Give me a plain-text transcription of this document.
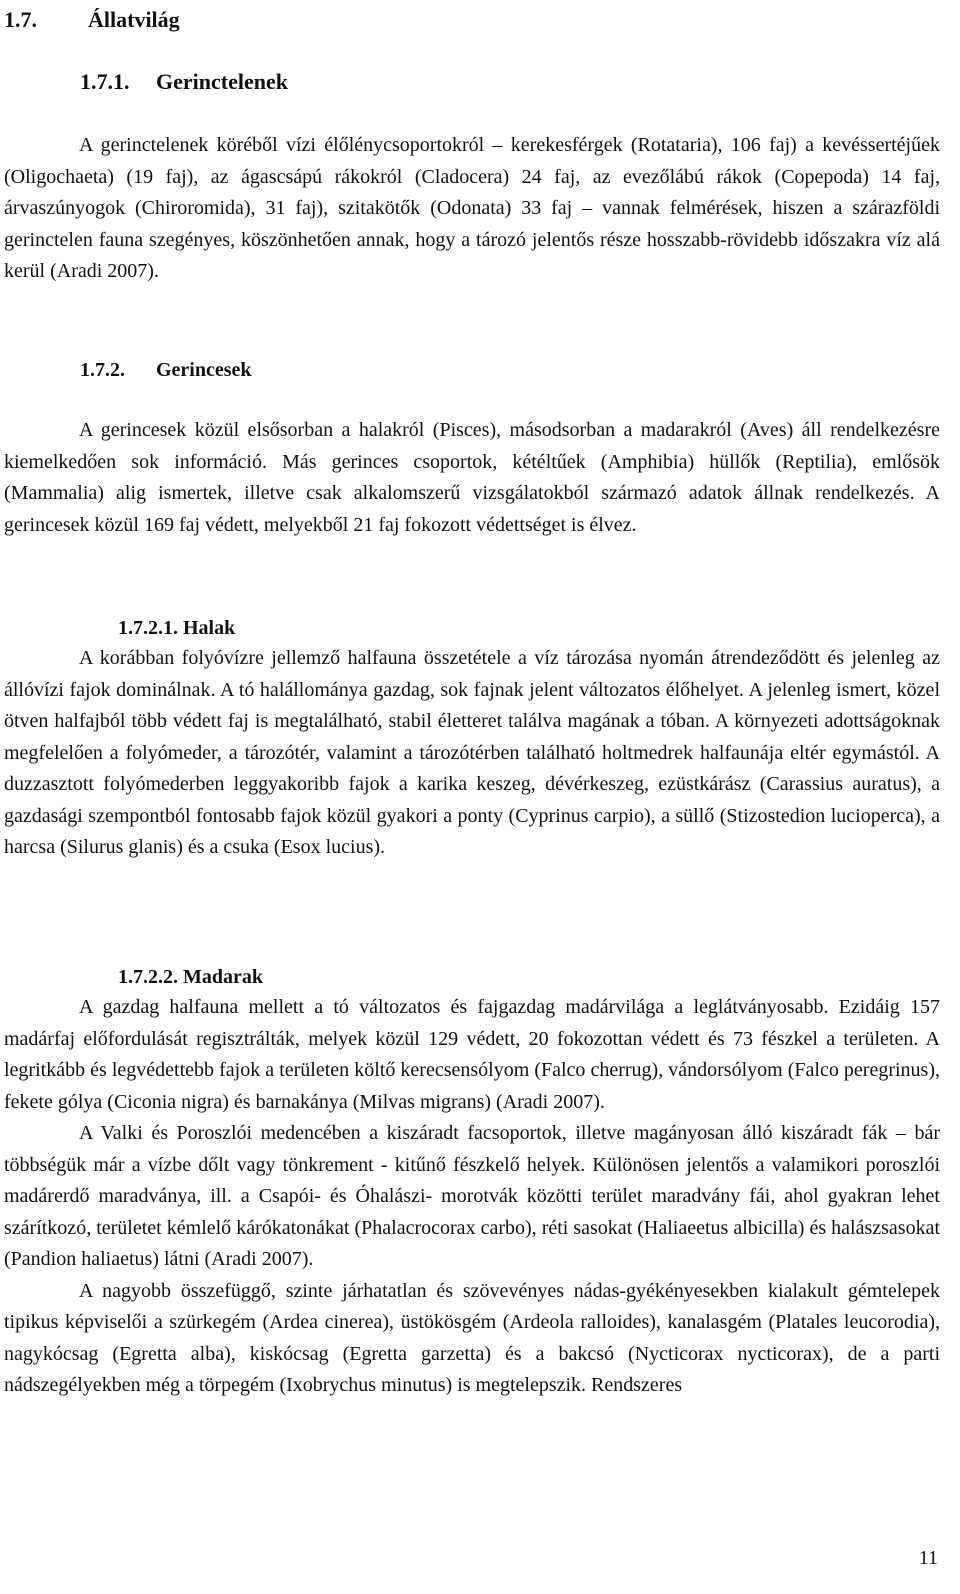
1.7. Állatvilág
1.7.1. Gerinctelenek

A gerinctelenek köréből vízi élőlénycsoportokról – kerekesférgek (Rotataria), 106 faj) a kevéssertéjűek (Oligochaeta) (19 faj), az ágascsápú rákokról (Cladocera) 24 faj, az evezőlábú rákok (Copepoda) 14 faj, árvaszúnyogok (Chiroromida), 31 faj), szitakötők (Odonata) 33 faj – vannak felmérések, hiszen a szárazföldi gerinctelen fauna szegényes, köszönhetően annak, hogy a tározó jelentős része hosszabb-rövidebb időszakra víz alá kerül (Aradi 2007).

1.7.2. Gerincesek

A gerincesek közül elsősorban a halakról (Pisces), másodsorban a madarakról (Aves) áll rendelkezésre kiemelkedően sok információ. Más gerinces csoportok, kétéltűek (Amphibia) hüllők (Reptilia), emlősök (Mammalia) alig ismertek, illetve csak alkalomszerű vizsgálatokból származó adatok állnak rendelkezés. A gerincesek közül 169 faj védett, melyekből 21 faj fokozott védettséget is élvez.

1.7.2.1. Halak

A korábban folyóvízre jellemző halfauna összetétele a víz tározása nyomán átrendeződött és jelenleg az állóvízi fajok dominálnak. A tó halállománya gazdag, sok fajnak jelent változatos élőhelyet. A jelenleg ismert, közel ötven halfajból több védett faj is megtalálható, stabil életteret találva magának a tóban. A környezeti adottságoknak megfelelően a folyómeder, a tározótér, valamint a tározótérben található holtmedrek halfaunája eltér egymástól. A duzzasztott folyómederben leggyakoribb fajok a karika keszeg, dévérkeszeg, ezüstkárász (Carassius auratus), a gazdasági szempontból fontosabb fajok közül gyakori a ponty (Cyprinus carpio), a süllő (Stizostedion lucioperca), a harcsa (Silurus glanis) és a csuka (Esox lucius).

1.7.2.2. Madarak

A gazdag halfauna mellett a tó változatos és fajgazdag madárvilága a leglátványosabb. Ezidáig 157 madárfaj előfordulását regisztrálták, melyek közül 129 védett, 20 fokozottan védett és 73 fészkel a területen. A legritkább és legvédettebb fajok a területen költő kerecsensólyom (Falco cherrug), vándorsólyom (Falco peregrinus), fekete gólya (Ciconia nigra) és barnakánya (Milvas migrans) (Aradi 2007).

A Valki és Poroszlói medencében a kiszáradt facsoportok, illetve magányosan álló kiszáradt fák – bár többségük már a vízbe dőlt vagy tönkrement - kitűnő fészkelő helyek. Különösen jelentős a valamikori poroszlói madárerdő maradványa, ill. a Csapói- és Óhalászi- morotvák közötti terület maradvány fái, ahol gyakran lehet szárítkozó, területet kémlelő kárókatonákat (Phalacrocorax carbo), réti sasokat (Haliaeetus albicilla) és halászsasokat (Pandion haliaetus) látni (Aradi 2007).

A nagyobb összefüggő, szinte járhatatlan és szövevényes nádas-gyékényesekben kialakult gémtelepek tipikus képviselői a szürkegém (Ardea cinerea), üstökösgém (Ardeola ralloides), kanalasgém (Platales leucorodia), nagykócsag (Egretta alba), kiskócsag (Egretta garzetta) és a bakcsó (Nycticorax nycticorax), de a parti nádszegélyekben még a törpegém (Ixobrychus minutus) is megtelepszik. Rendszeres

11
